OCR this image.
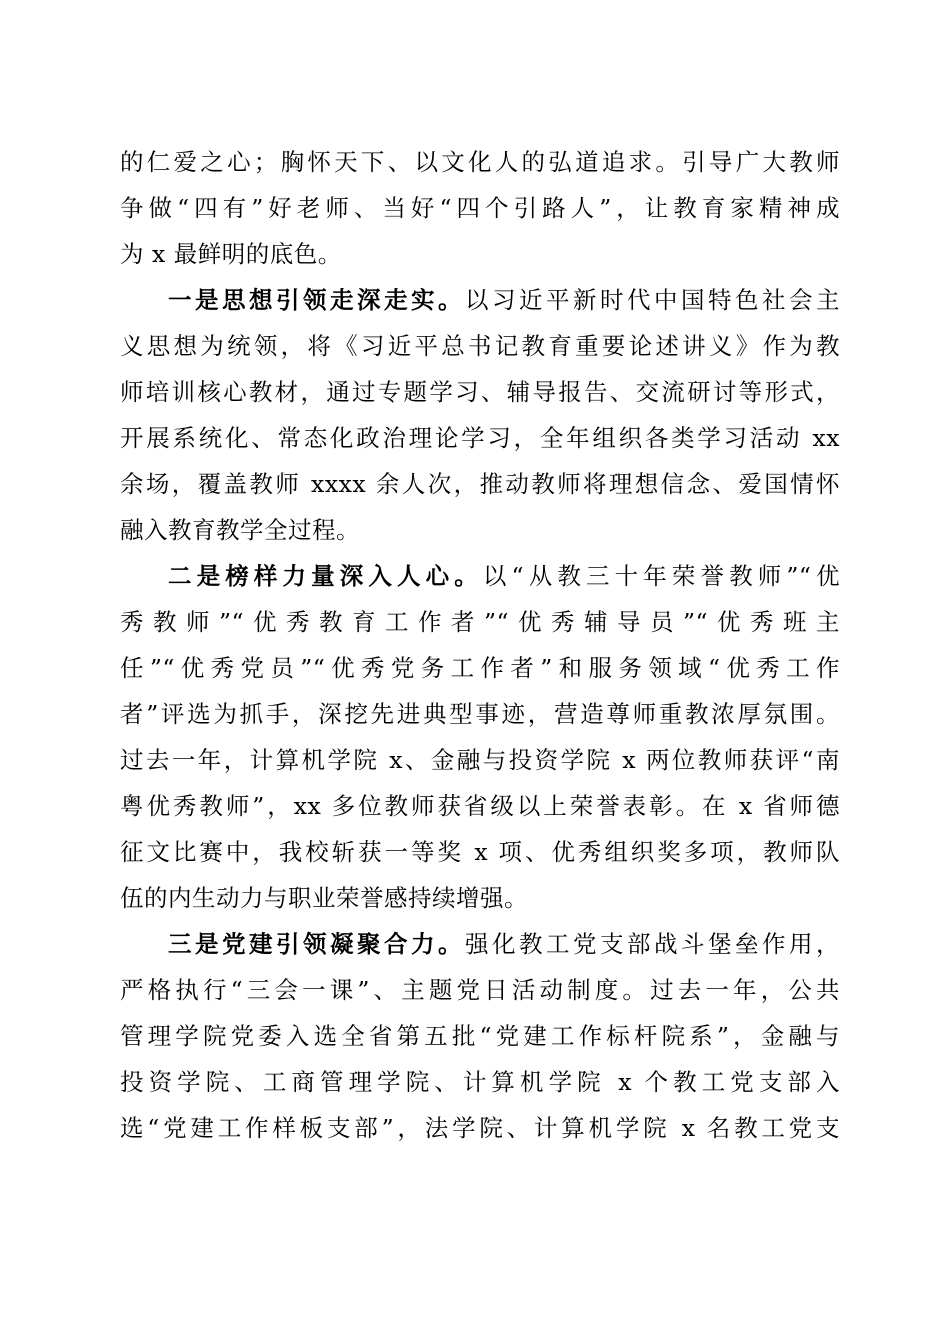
的仁爱之心；胸怀天下、以文化人的弘道追求。引导广大教师
争做“四有”好老师、当好“四个引路人”，让教育家精神成
为 x 最鲜明的底色。
一是思想引领走深走实。以习近平新时代中国特色社会主
义思想为统领，将《习近平总书记教育重要论述讲义》作为教
师培训核心教材，通过专题学习、辅导报告、交流研讨等形式，
开展系统化、常态化政治理论学习，全年组织各类学习活动 xx
余场，覆盖教师 xxxx 余人次，推动教师将理想信念、爱国情怀
融入教育教学全过程。
二是榜样力量深入人心。以“从教三十年荣誉教师”“优
秀教师”“优秀教育工作者”“优秀辅导员”“优秀班主
任”“优秀党员”“优秀党务工作者”和服务领域“优秀工作
者”评选为抓手，深挖先进典型事迹，营造尊师重教浓厚氛围。
过去一年，计算机学院 x、金融与投资学院 x 两位教师获评“南
粤优秀教师”，xx 多位教师获省级以上荣誉表彰。在 x 省师德
征文比赛中，我校斩获一等奖 x 项、优秀组织奖多项，教师队
伍的内生动力与职业荣誉感持续增强。
三是党建引领凝聚合力。强化教工党支部战斗堡垒作用，
严格执行“三会一课”、主题党日活动制度。过去一年，公共
管理学院党委入选全省第五批“党建工作标杆院系”，金融与
投资学院、工商管理学院、计算机学院 x 个教工党支部入
选“党建工作样板支部”，法学院、计算机学院 x 名教工党支
